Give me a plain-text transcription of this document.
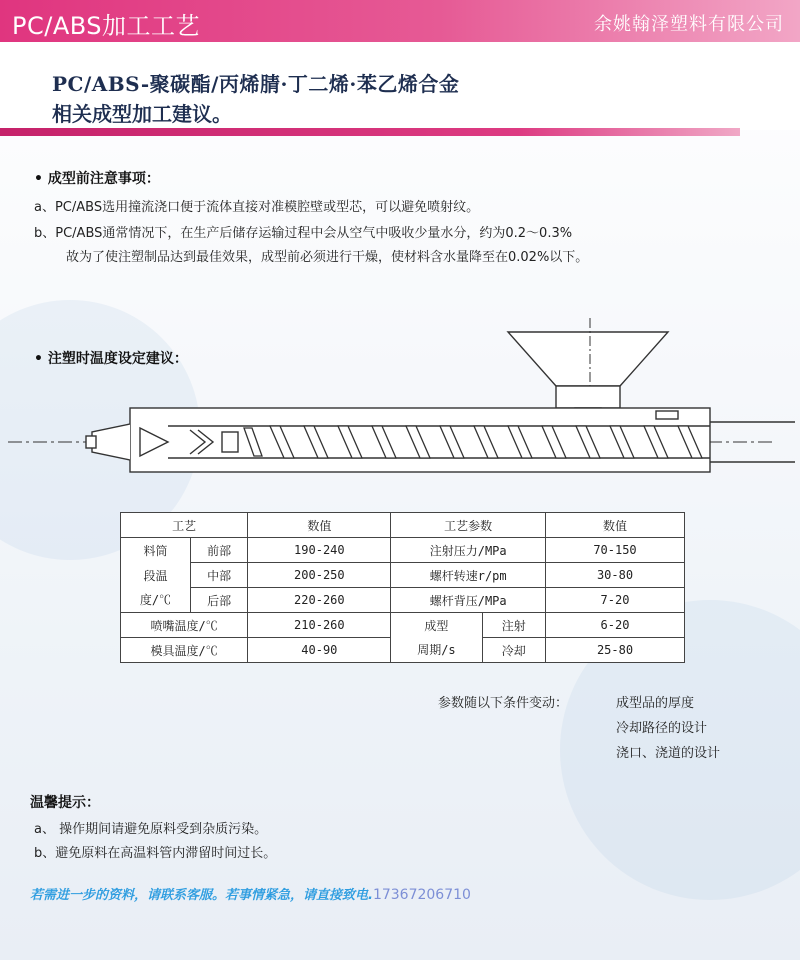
PC/ABS加工工艺	余姚翰泽塑料有限公司
PC/ABS-聚碳酯/丙烯腈·丁二烯·苯乙烯合金
相关成型加工建议。
• 成型前注意事项：
a、PC/ABS选用撞流浇口便于流体直接对准模腔壁或型芯，可以避免喷射纹。
b、PC/ABS通常情况下，在生产后储存运输过程中会从空气中吸收少量水分，约为0.2～0.3%
故为了使注塑制品达到最佳效果，成型前必须进行干燥，使材料含水量降至在0.02%以下。
• 注塑时温度设定建议：
工艺		数值	工艺参数		数值
料筒	前部	190-240	注射压力/MPa		70-150
段温	中部	200-250	螺杆转速r/pm		30-80
度/℃	后部	220-260	螺杆背压/MPa		7-20
喷嘴温度/℃		210-260	成型	注射	6-20
模具温度/℃		40-90	周期/s	冷却	25-80
参数随以下条件变动：	成型品的厚度
冷却路径的设计
浇口、浇道的设计
温馨提示：
a、 操作期间请避免原料受到杂质污染。
b、避免原料在高温料管内滞留时间过长。
若需进一步的资料，请联系客服。若事情紧急，请直接致电.17367206710
